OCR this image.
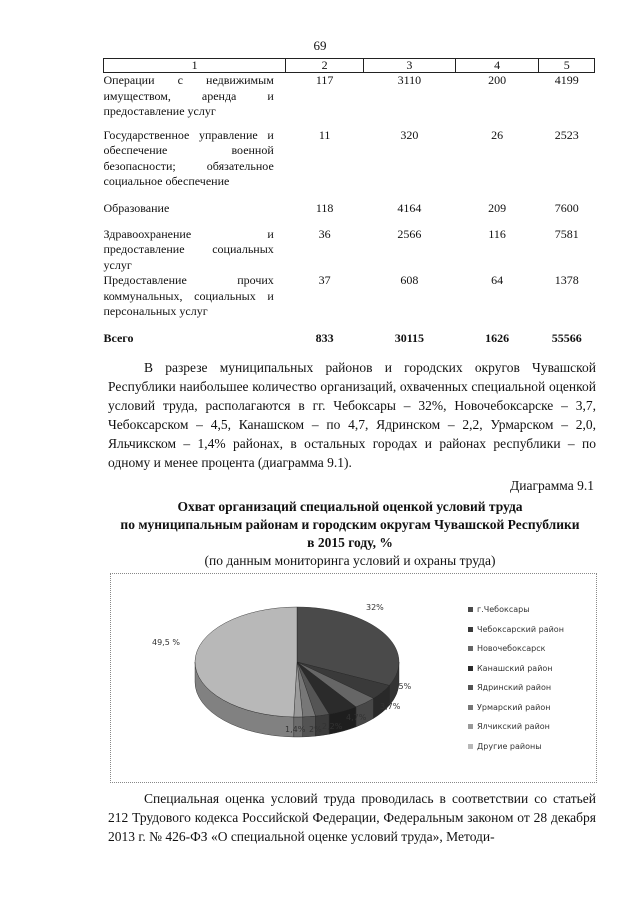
69
1	2	3	4	5
Операции с недвижимым имуществом, аренда и предоставление услуг	117	3110	200	4199
Государственное управление и обеспечение военной безопасности; обязательное социальное обеспечение	11	320	26	2523
Образование	118	4164	209	7600
Здравоохранение и предоставление социальных услуг	36	2566	116	7581
Предоставление прочих коммунальных, социальных и персональных услуг	37	608	64	1378
Всего	833	30115	1626	55566
В разрезе муниципальных районов и городских округов Чувашской Республики наибольшее количество организаций, охваченных специальной оценкой условий труда, располагаются в гг. Чебоксары – 32%, Новочебоксарске – 3,7, Чебоксарском – 4,5, Канашском – по 4,7, Ядринском – 2,2, Урмарском – 2,0, Яльчикском – 1,4% районах, в остальных городах и районах республики – по одному и менее процента (диаграмма 9.1).
Диаграмма 9.1
Охват организаций специальной оценкой условий труда
по муниципальным районам и городским округам Чувашской Республики
в 2015 году, %
(по данным мониторинга условий и охраны труда)
32%
49,5 %
.5%
3,7%
4,7%
2,2%
2%
1,4%
г.Чебоксары
Чебоксарский район
Новочебоксарск
Канашский район
Ядринский район
Урмарский район
Ялчикский район
Другие районы
Специальная оценка условий труда проводилась в соответствии со статьей 212 Трудового кодекса Российской Федерации, Федеральным законом от 28 декабря 2013 г. № 426-ФЗ «О специальной оценке условий труда», Методи-
